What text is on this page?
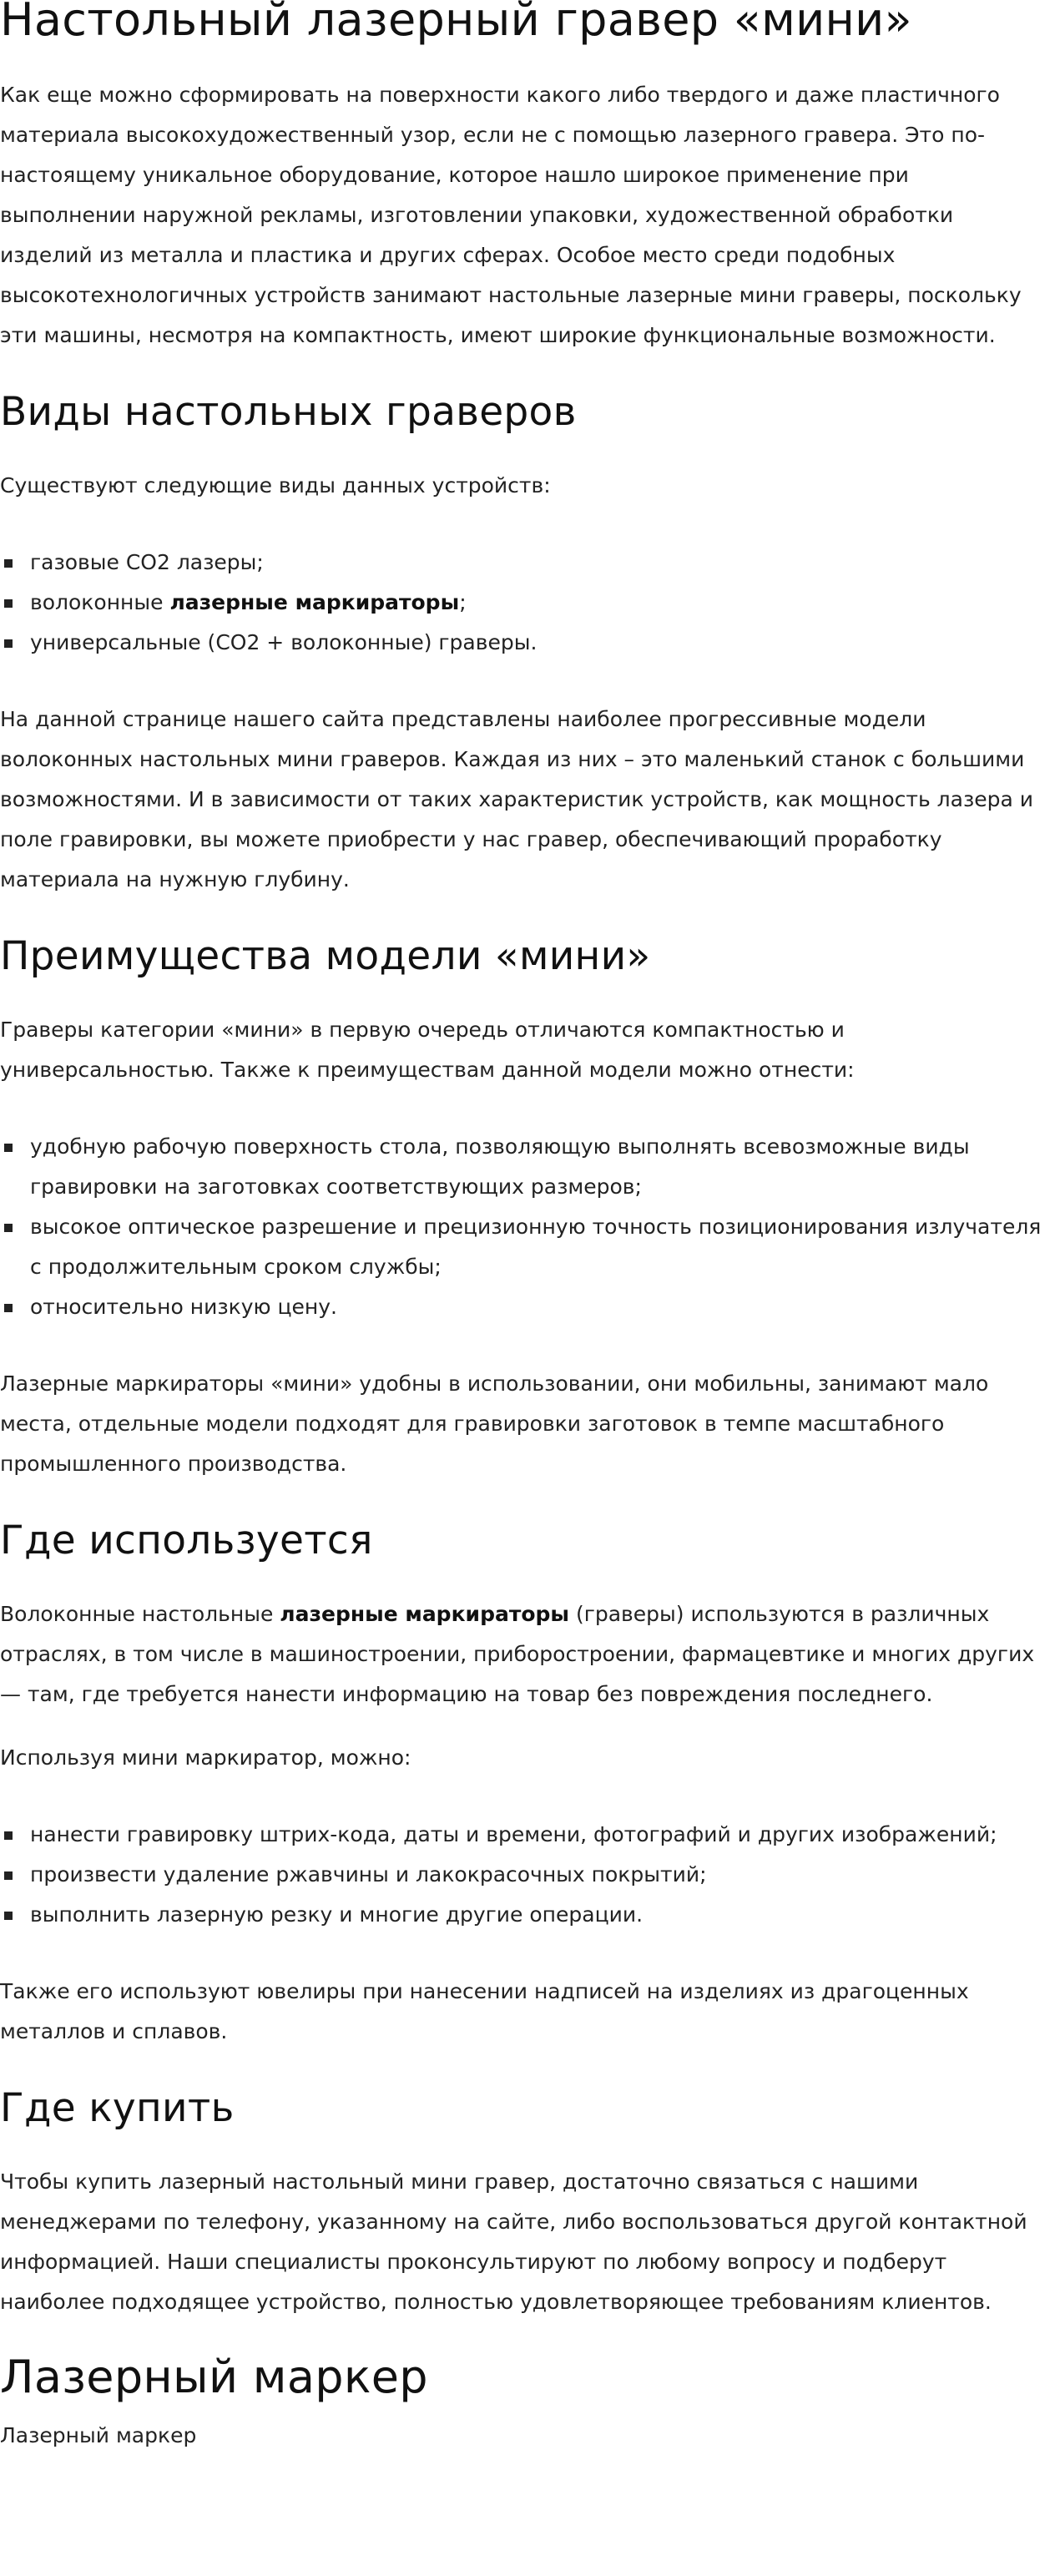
Настольный лазерный гравер «мини»

Как еще можно сформировать на поверхности какого либо твердого и даже пластичного материала высокохудожественный узор, если не с помощью лазерного гравера. Это по-настоящему уникальное оборудование, которое нашло широкое применение при выполнении наружной рекламы, изготовлении упаковки, художественной обработки изделий из металла и пластика и других сферах. Особое место среди подобных высокотехнологичных устройств занимают настольные лазерные мини граверы, поскольку эти машины, несмотря на компактность, имеют широкие функциональные возможности.

Виды настольных граверов

Существуют следующие виды данных устройств:

газовые CO2 лазеры;
волоконные лазерные маркираторы;
универсальные (CO2 + волоконные) граверы.

На данной странице нашего сайта представлены наиболее прогрессивные модели волоконных настольных мини граверов. Каждая из них – это маленький станок с большими возможностями. И в зависимости от таких характеристик устройств, как мощность лазера и поле гравировки, вы можете приобрести у нас гравер, обеспечивающий проработку материала на нужную глубину.

Преимущества модели «мини»

Граверы категории «мини» в первую очередь отличаются компактностью и универсальностью. Также к преимуществам данной модели можно отнести:

удобную рабочую поверхность стола, позволяющую выполнять всевозможные виды гравировки на заготовках соответствующих размеров;
высокое оптическое разрешение и прецизионную точность позиционирования излучателя с продолжительным сроком службы;
относительно низкую цену.

Лазерные маркираторы «мини» удобны в использовании, они мобильны, занимают мало места, отдельные модели подходят для гравировки заготовок в темпе масштабного промышленного производства.

Где используется

Волоконные настольные лазерные маркираторы (граверы) используются в различных отраслях, в том числе в машиностроении, приборостроении, фармацевтике и многих других — там, где требуется нанести информацию на товар без повреждения последнего.

Используя мини маркиратор, можно:

нанести гравировку штрих-кода, даты и времени, фотографий и других изображений;
произвести удаление ржавчины и лакокрасочных покрытий;
выполнить лазерную резку и многие другие операции.

Также его используют ювелиры при нанесении надписей на изделиях из драгоценных металлов и сплавов.

Где купить

Чтобы купить лазерный настольный мини гравер, достаточно связаться с нашими менеджерами по телефону, указанному на сайте, либо воспользоваться другой контактной информацией. Наши специалисты проконсультируют по любому вопросу и подберут наиболее подходящее устройство, полностью удовлетворяющее требованиям клиентов.

Лазерный маркер

Лазерный маркер
